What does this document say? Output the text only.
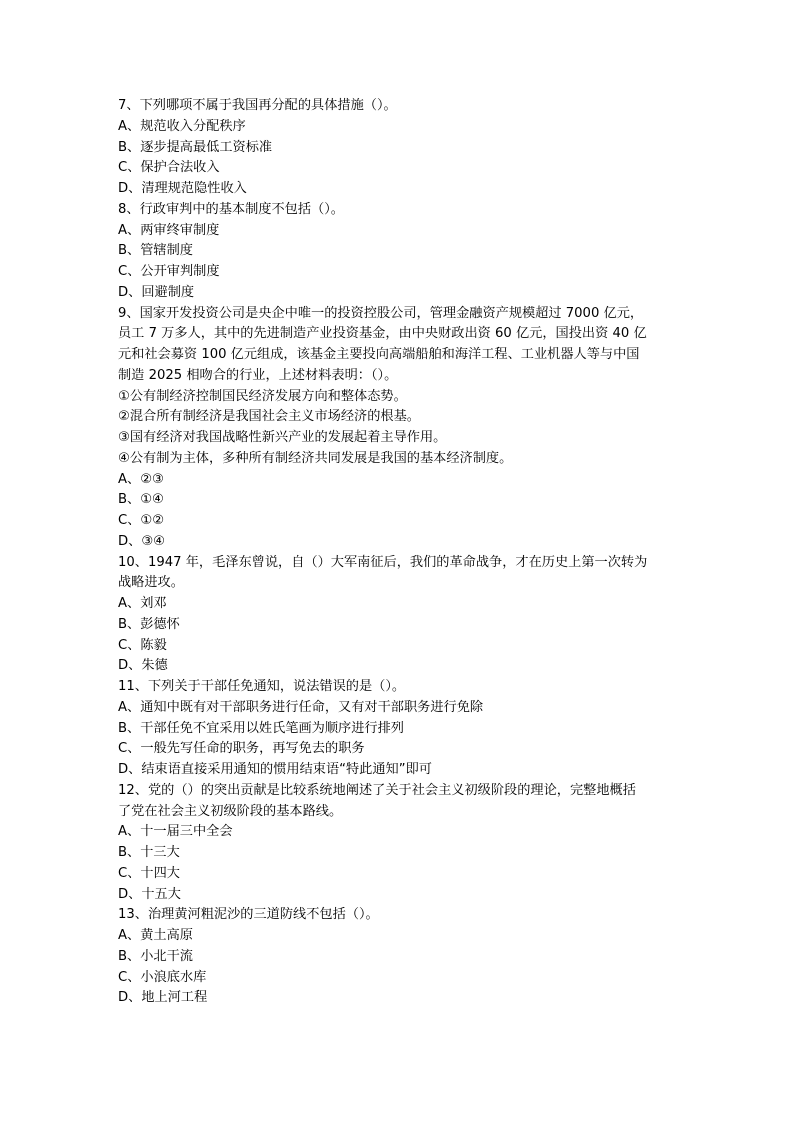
7、下列哪项不属于我国再分配的具体措施（）。

A、规范收入分配秩序

B、逐步提高最低工资标准

C、保护合法收入

D、清理规范隐性收入

8、行政审判中的基本制度不包括（）。

A、两审终审制度

B、管辖制度

C、公开审判制度

D、回避制度

9、国家开发投资公司是央企中唯一的投资控股公司，管理金融资产规模超过 7000 亿元，
员工 7 万多人，其中的先进制造产业投资基金，由中央财政出资 60 亿元，国投出资 40 亿
元和社会募资 100 亿元组成，该基金主要投向高端船舶和海洋工程、工业机器人等与中国
制造 2025 相吻合的行业，上述材料表明：（）。

①公有制经济控制国民经济发展方向和整体态势。

②混合所有制经济是我国社会主义市场经济的根基。

③国有经济对我国战略性新兴产业的发展起着主导作用。

④公有制为主体，多种所有制经济共同发展是我国的基本经济制度。

A、②③

B、①④

C、①②

D、③④

10、1947 年，毛泽东曾说，自（）大军南征后，我们的革命战争，才在历史上第一次转为
战略进攻。

A、刘邓

B、彭德怀

C、陈毅

D、朱德

11、下列关于干部任免通知，说法错误的是（）。

A、通知中既有对干部职务进行任命，又有对干部职务进行免除

B、干部任免不宜采用以姓氏笔画为顺序进行排列

C、一般先写任命的职务，再写免去的职务

D、结束语直接采用通知的惯用结束语“特此通知”即可

12、党的（）的突出贡献是比较系统地阐述了关于社会主义初级阶段的理论，完整地概括
了党在社会主义初级阶段的基本路线。

A、十一届三中全会

B、十三大

C、十四大

D、十五大

13、治理黄河粗泥沙的三道防线不包括（）。

A、黄土高原

B、小北干流

C、小浪底水库

D、地上河工程
